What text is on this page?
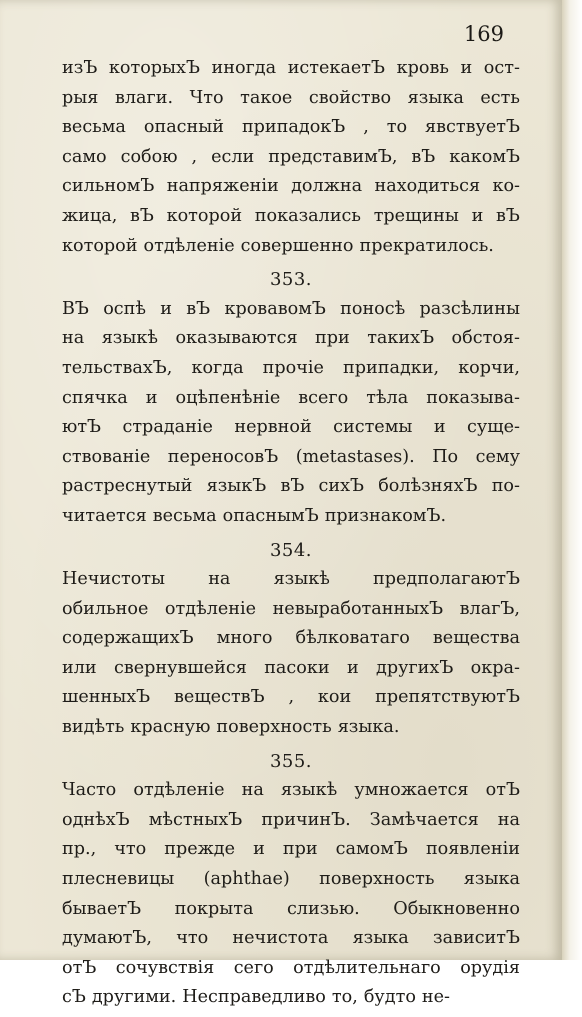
169
изЪ которыхЪ иногда истекаетЪ кровь и ост-
рыя влаги. Что такое свойство языка есть
весьма опасный припадокЪ , то явствуетЪ
само собою , если представимЪ, вЪ какомЪ
сильномЪ напряженіи должна находиться ко-
жица, вЪ которой показались трещины и вЪ
которой отдѣленіе совершенно прекратилось.
353.
ВЪ оспѣ и вЪ кровавомЪ поносѣ разсѣлины
на языкѣ оказываются при такихЪ обстоя-
тельствахЪ, когда прочіе припадки, корчи,
спячка и оцѣпенѣніе всего тѣла показыва-
ютЪ страданіе нервной системы и суще-
ствованіе переносовЪ (metastases). По сему
растреснутый языкЪ вЪ сихЪ болѣзняхЪ по-
читается весьма опаснымЪ признакомЪ.
354.
Нечистоты на языкѣ предполагаютЪ
обильное отдѣленіе невыработанныхЪ влагЪ,
содержащихЪ много бѣлковатаго вещества
или свернувшейся пасоки и другихЪ окра-
шенныхЪ веществЪ , кои препятствуютЪ
видѣть красную поверхность языка.
355.
Часто отдѣленіе на языкѣ умножается отЪ
однѣхЪ мѣстныхЪ причинЪ. Замѣчается на
пр., что прежде и при самомЪ появленіи
плесневицы (aphthae) поверхность языка
бываетЪ покрыта слизью. Обыкновенно
думаютЪ, что нечистота языка зависитЪ
отЪ сочувствія сего отдѣлительнаго орудія
сЪ другими. Несправедливо то, будто не-
